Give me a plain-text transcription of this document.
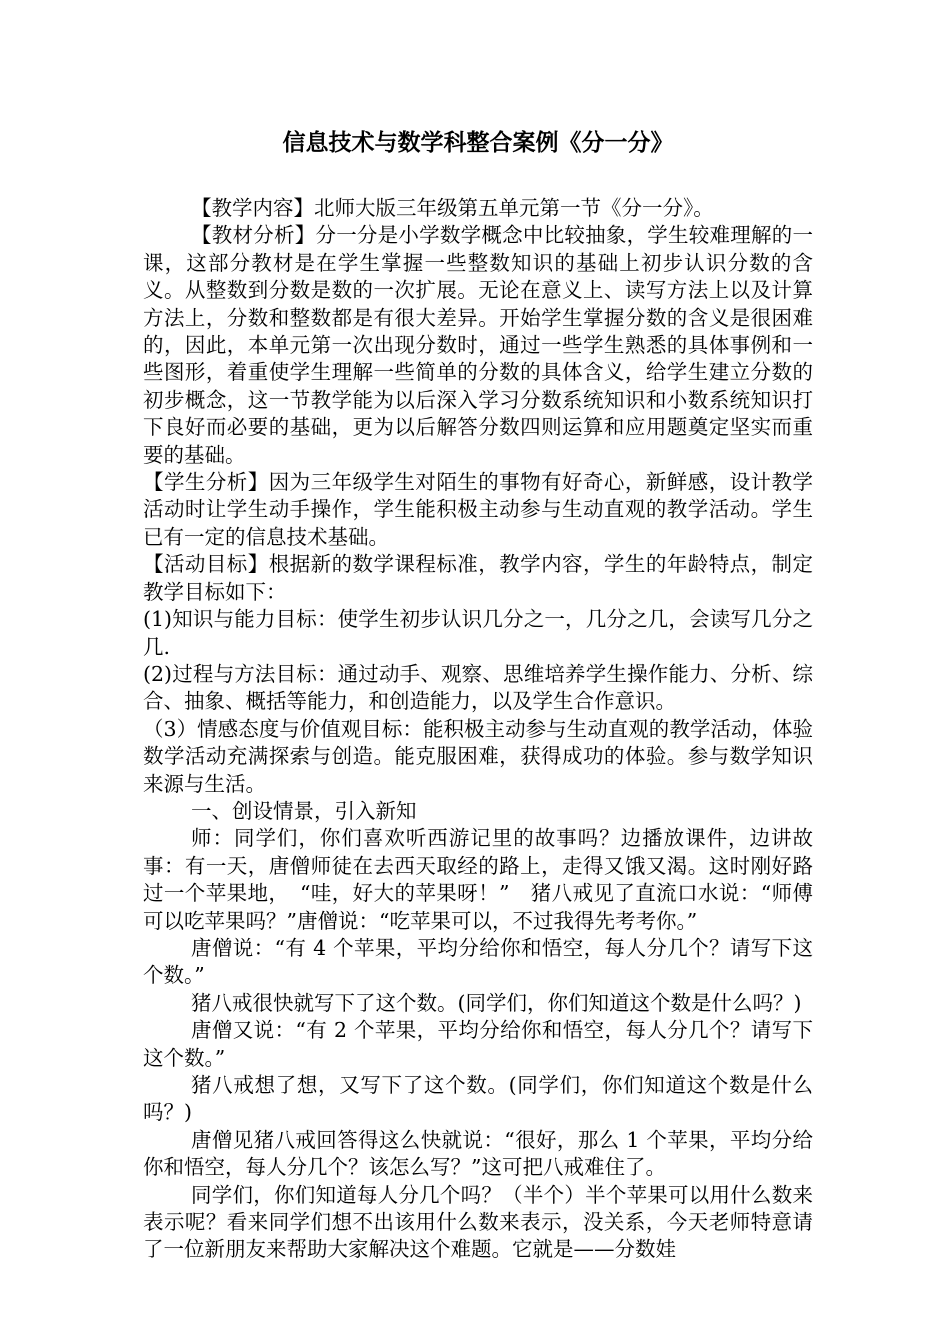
信息技术与数学科整合案例《分一分》

【教学内容】北师大版三年级第五单元第一节《分一分》。

【教材分析】分一分是小学数学概念中比较抽象，学生较难理解的一课，这部分教材是在学生掌握一些整数知识的基础上初步认识分数的含义。从整数到分数是数的一次扩展。无论在意义上、读写方法上以及计算方法上，分数和整数都是有很大差异。开始学生掌握分数的含义是很困难的，因此，本单元第一次出现分数时，通过一些学生熟悉的具体事例和一些图形，着重使学生理解一些简单的分数的具体含义，给学生建立分数的初步概念，这一节教学能为以后深入学习分数系统知识和小数系统知识打下良好而必要的基础，更为以后解答分数四则运算和应用题奠定坚实而重要的基础。

【学生分析】因为三年级学生对陌生的事物有好奇心，新鲜感，设计教学活动时让学生动手操作，学生能积极主动参与生动直观的教学活动。学生已有一定的信息技术基础。

【活动目标】根据新的数学课程标准，教学内容，学生的年龄特点，制定教学目标如下：

(1)知识与能力目标：使学生初步认识几分之一，几分之几，会读写几分之几.

(2)过程与方法目标：通过动手、观察、思维培养学生操作能力、分析、综合、抽象、概括等能力，和创造能力，以及学生合作意识。

（3）情感态度与价值观目标：能积极主动参与生动直观的教学活动，体验数学活动充满探索与创造。能克服困难，获得成功的体验。参与数学知识来源与生活。

一、创设情景，引入新知

师：同学们，你们喜欢听西游记里的故事吗？边播放课件，边讲故事：有一天，唐僧师徒在去西天取经的路上，走得又饿又渴。这时刚好路过一个苹果地，　“哇，好大的苹果呀！”　猪八戒见了直流口水说：“师傅可以吃苹果吗？”唐僧说：“吃苹果可以，不过我得先考考你。”

唐僧说：“有 4 个苹果，平均分给你和悟空，每人分几个？请写下这个数。”

猪八戒很快就写下了这个数。(同学们，你们知道这个数是什么吗？)

唐僧又说：“有 2 个苹果，平均分给你和悟空，每人分几个？请写下这个数。”

猪八戒想了想，又写下了这个数。(同学们，你们知道这个数是什么吗？)

唐僧见猪八戒回答得这么快就说：“很好，那么 1 个苹果，平均分给你和悟空，每人分几个？该怎么写？”这可把八戒难住了。

同学们，你们知道每人分几个吗？（半个）半个苹果可以用什么数来表示呢？看来同学们想不出该用什么数来表示，没关系，今天老师特意请了一位新朋友来帮助大家解决这个难题。它就是——分数娃
